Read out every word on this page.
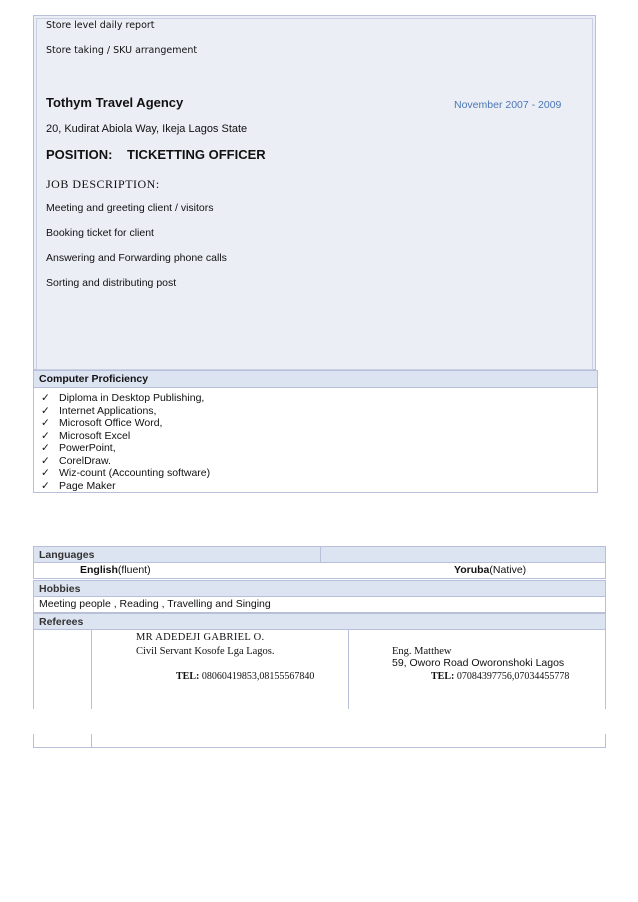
Store level daily report
Store taking / SKU arrangement
Tothym Travel Agency	November 2007 - 2009
20, Kudirat Abiola Way, Ikeja Lagos State
POSITION: TICKETTING OFFICER
JOB DESCRIPTION:
Meeting and greeting client / visitors
Booking ticket for client
Answering and Forwarding phone calls
Sorting and distributing post
Computer Proficiency
✓ Diploma in Desktop Publishing,
✓ Internet Applications,
✓ Microsoft Office Word,
✓ Microsoft Excel
✓ PowerPoint,
✓ CorelDraw.
✓ Wiz-count (Accounting software)
✓ Page Maker
Languages
English(fluent)	Yoruba(Native)
Hobbies
Meeting people , Reading , Travelling and Singing
Referees
MR ADEDEJI GABRIEL O.
Civil Servant Kosofe Lga Lagos.
TEL: 08060419853,08155567840
Eng. Matthew
59, Oworo Road Oworonshoki Lagos
TEL: 07084397756,07034455778
